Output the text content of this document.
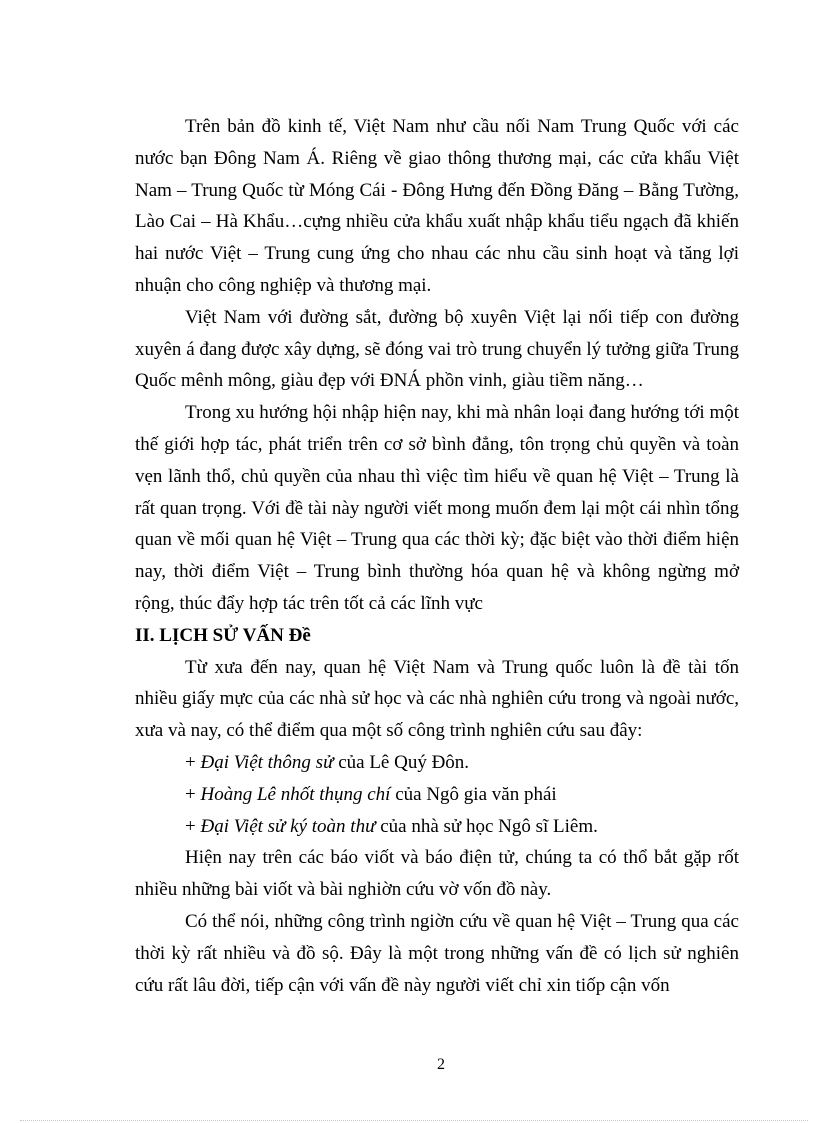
Trên bản đồ kinh tế, Việt Nam như cầu nối Nam Trung Quốc với các nước bạn Đông Nam Á. Riêng về giao thông thương mại, các cửa khẩu Việt Nam – Trung Quốc từ Móng Cái - Đông Hưng đến Đồng Đăng – Bằng Tường, Lào Cai – Hà Khẩu…cựng nhiều cửa khẩu xuất nhập khẩu tiểu ngạch đã khiến hai nước Việt – Trung cung ứng cho nhau các nhu cầu sinh hoạt và tăng lợi nhuận cho công nghiệp và thương mại.

Việt Nam với đường sắt, đường bộ xuyên Việt lại nối tiếp con đường xuyên á đang được xây dựng, sẽ đóng vai trò trung chuyển lý tưởng giữa Trung Quốc mênh mông, giàu đẹp với ĐNÁ phồn vinh, giàu tiềm năng…

Trong xu hướng hội nhập hiện nay, khi mà nhân loại đang hướng tới một thế giới hợp tác, phát triển trên cơ sở bình đẳng, tôn trọng chủ quyền và toàn vẹn lãnh thổ, chủ quyền của nhau thì việc tìm hiểu về quan hệ Việt – Trung là rất quan trọng. Với đề tài này người viết mong muốn đem lại một cái nhìn tổng quan về mối quan hệ Việt – Trung qua các thời kỳ; đặc biệt vào thời điểm hiện nay, thời điểm Việt – Trung bình thường hóa quan hệ và không ngừng mở rộng, thúc đẩy hợp tác trên tốt cả các lĩnh vực

II. LỊCH SỬ VẤN Đề

Từ xưa đến nay, quan hệ Việt Nam và Trung quốc luôn là đề tài tốn nhiều giấy mực của các nhà sử học và các nhà nghiên cứu trong và ngoài nước, xưa và nay, có thể điểm qua một số công trình nghiên cứu sau đây:

+ Đại Việt thông sử của Lê Quý Đôn.

+ Hoàng Lê nhốt thụng chí của Ngô gia văn phái

+ Đại Việt sử ký toàn thư của nhà sử học Ngô sĩ Liêm.

Hiện nay trên các báo viốt và báo điện tử, chúng ta có thổ bắt gặp rốt nhiều những bài viốt và bài nghiờn cứu vờ vốn đồ này.

Có thể nói, những công trình ngiờn cứu về quan hệ Việt – Trung qua các thời kỳ rất nhiều và đồ sộ. Đây là một trong những vấn đề có lịch sử nghiên cứu rất lâu đời, tiếp cận với vấn đề này người viết chỉ xin tiốp cận vốn

2
